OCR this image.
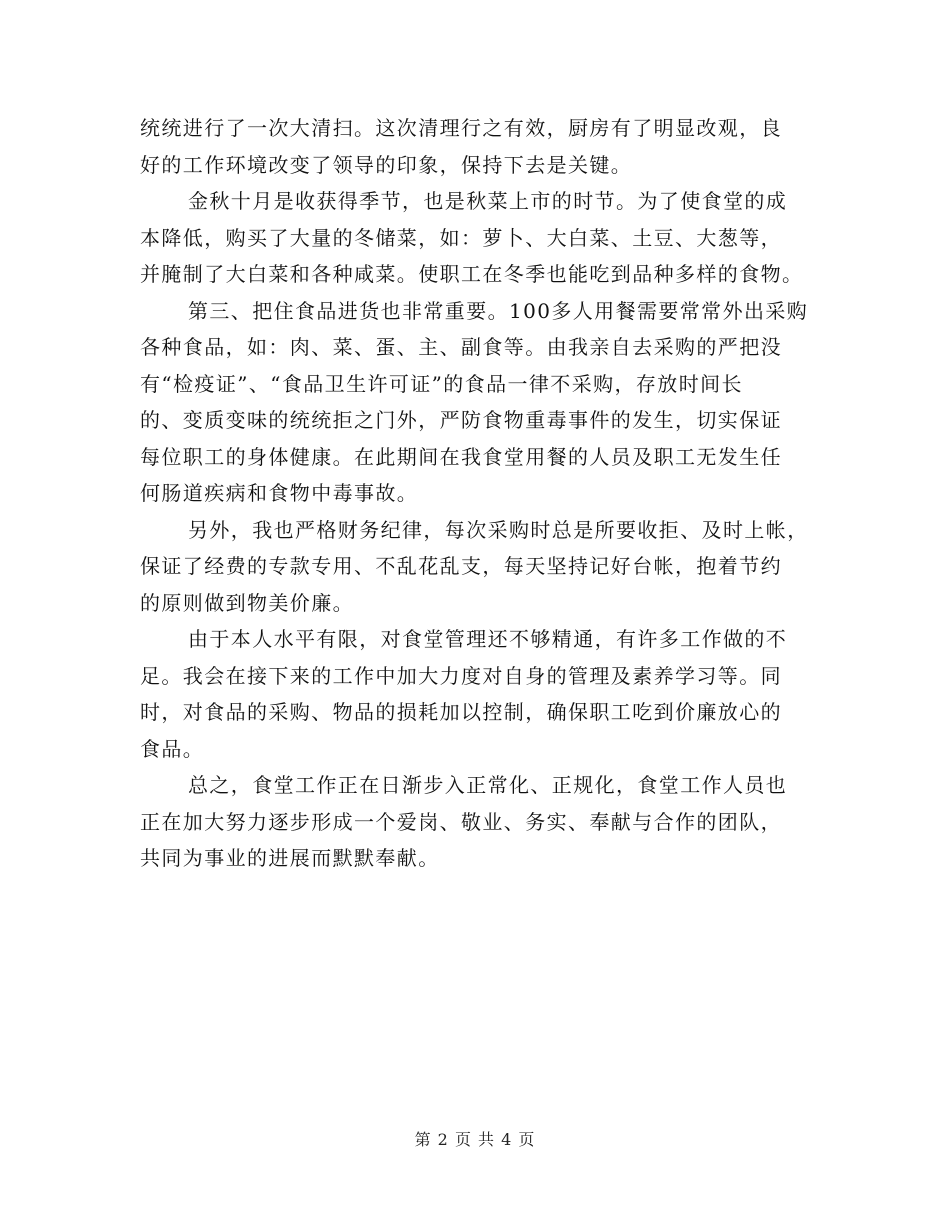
统统进行了一次大清扫。这次清理行之有效，厨房有了明显改观，良
好的工作环境改变了领导的印象，保持下去是关键。

金秋十月是收获得季节，也是秋菜上市的时节。为了使食堂的成
本降低，购买了大量的冬储菜，如：萝卜、大白菜、土豆、大葱等，
并腌制了大白菜和各种咸菜。使职工在冬季也能吃到品种多样的食物。

第三、把住食品进货也非常重要。100多人用餐需要常常外出采购
各种食品，如：肉、菜、蛋、主、副食等。由我亲自去采购的严把没
有“检疫证”、“食品卫生许可证”的食品一律不采购，存放时间长
的、变质变味的统统拒之门外，严防食物重毒事件的发生，切实保证
每位职工的身体健康。在此期间在我食堂用餐的人员及职工无发生任
何肠道疾病和食物中毒事故。

另外，我也严格财务纪律，每次采购时总是所要收拒、及时上帐，
保证了经费的专款专用、不乱花乱支，每天坚持记好台帐，抱着节约
的原则做到物美价廉。

由于本人水平有限，对食堂管理还不够精通，有许多工作做的不
足。我会在接下来的工作中加大力度对自身的管理及素养学习等。同
时，对食品的采购、物品的损耗加以控制，确保职工吃到价廉放心的
食品。

总之，食堂工作正在日渐步入正常化、正规化，食堂工作人员也
正在加大努力逐步形成一个爱岗、敬业、务实、奉献与合作的团队，
共同为事业的进展而默默奉献。

第 2 页 共 4 页
